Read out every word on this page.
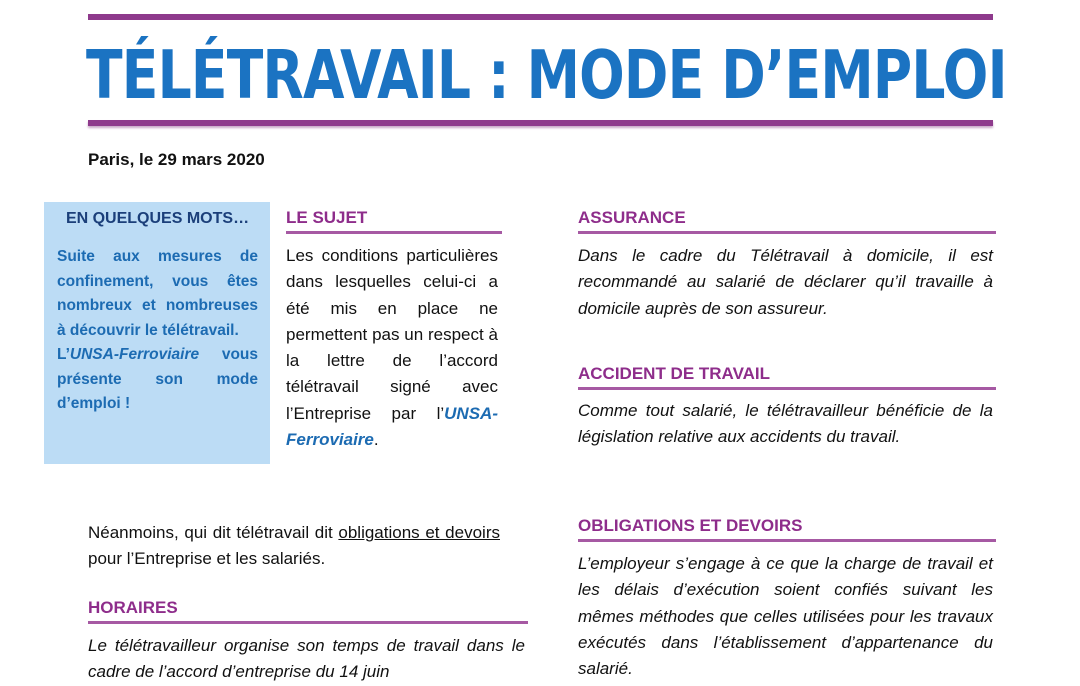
TÉLÉTRAVAIL : MODE D’EMPLOI
Paris, le 29 mars 2020
EN QUELQUES MOTS…
Suite aux mesures de confinement, vous êtes nombreux et nombreuses à découvrir le télétravail.
L’UNSA-Ferroviaire vous présente son mode d’emploi !
LE SUJET
Les conditions particulières dans lesquelles celui-ci a été mis en place ne permettent pas un respect à la lettre de l’accord télétravail signé avec l’Entreprise par l’UNSA-Ferroviaire.
Néanmoins, qui dit télétravail dit obligations et devoirs pour l’Entreprise et les salariés.
HORAIRES
Le télétravailleur organise son temps de travail dans le cadre de l’accord d’entreprise du 14 juin
ASSURANCE
Dans le cadre du Télétravail à domicile, il est recommandé au salarié de déclarer qu’il travaille à domicile auprès de son assureur.
ACCIDENT DE TRAVAIL
Comme tout salarié, le télétravailleur bénéficie de la législation relative aux accidents du travail.
OBLIGATIONS ET DEVOIRS
L’employeur s’engage à ce que la charge de travail et les délais d’exécution soient confiés suivant les mêmes méthodes que celles utilisées pour les travaux exécutés dans l’établissement d’appartenance du salarié.
